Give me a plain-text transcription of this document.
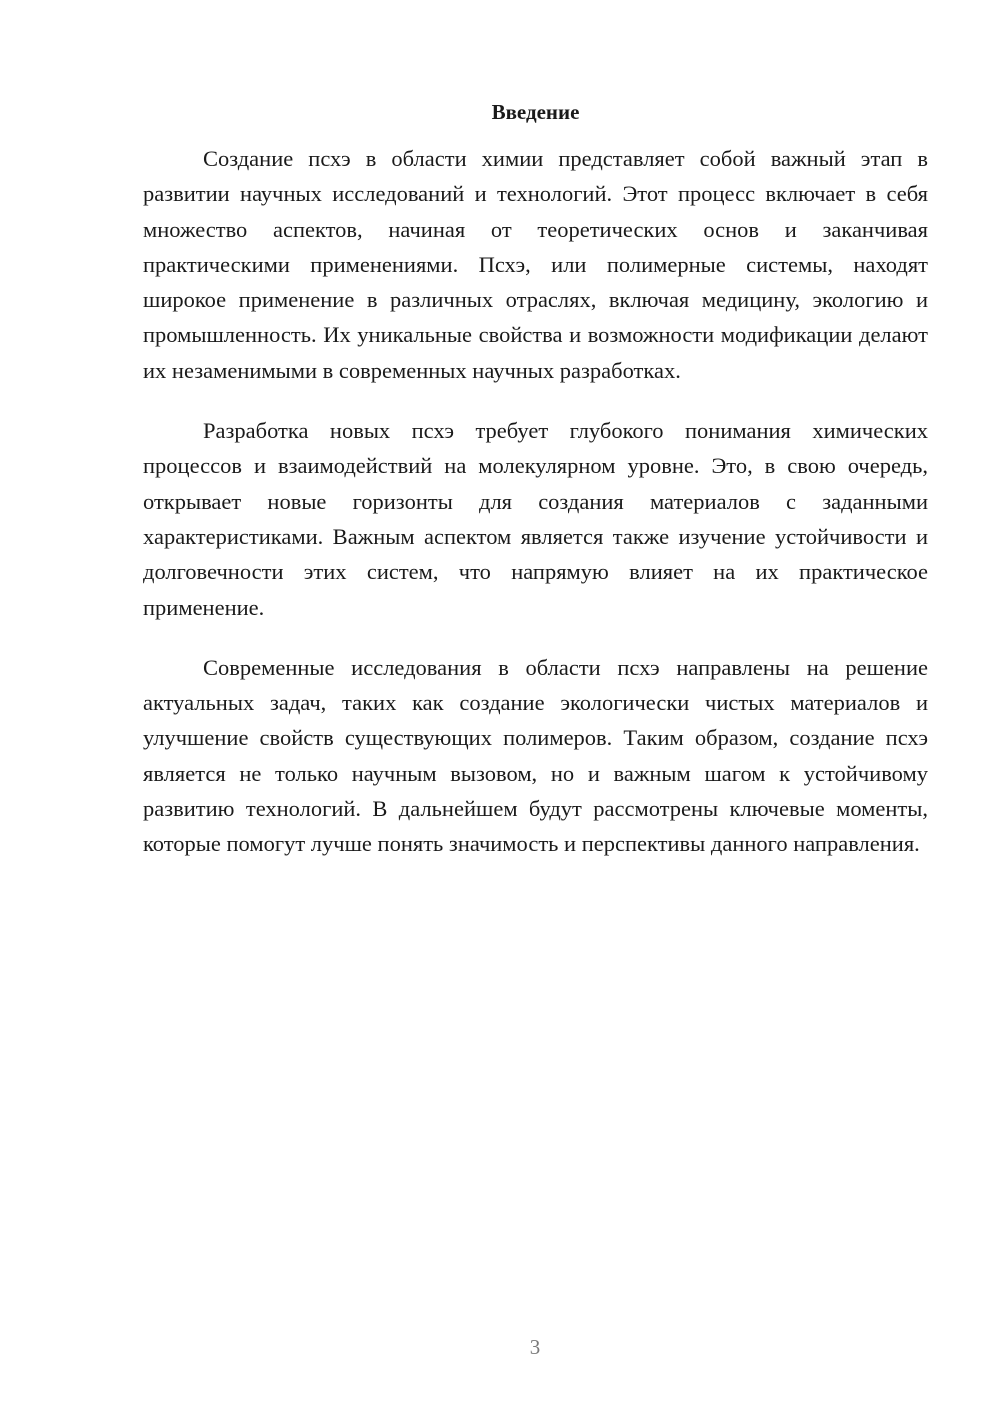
Введение

Создание псхэ в области химии представляет собой важный этап в развитии научных исследований и технологий. Этот процесс включает в себя множество аспектов, начиная от теоретических основ и заканчивая практическими применениями. Псхэ, или полимерные системы, находят широкое применение в различных отраслях, включая медицину, экологию и промышленность. Их уникальные свойства и возможности модификации делают их незаменимыми в современных научных разработках.

Разработка новых псхэ требует глубокого понимания химических процессов и взаимодействий на молекулярном уровне. Это, в свою очередь, открывает новые горизонты для создания материалов с заданными характеристиками. Важным аспектом является также изучение устойчивости и долговечности этих систем, что напрямую влияет на их практическое применение.

Современные исследования в области псхэ направлены на решение актуальных задач, таких как создание экологически чистых материалов и улучшение свойств существующих полимеров. Таким образом, создание псхэ является не только научным вызовом, но и важным шагом к устойчивому развитию технологий. В дальнейшем будут рассмотрены ключевые моменты, которые помогут лучше понять значимость и перспективы данного направления.

3
